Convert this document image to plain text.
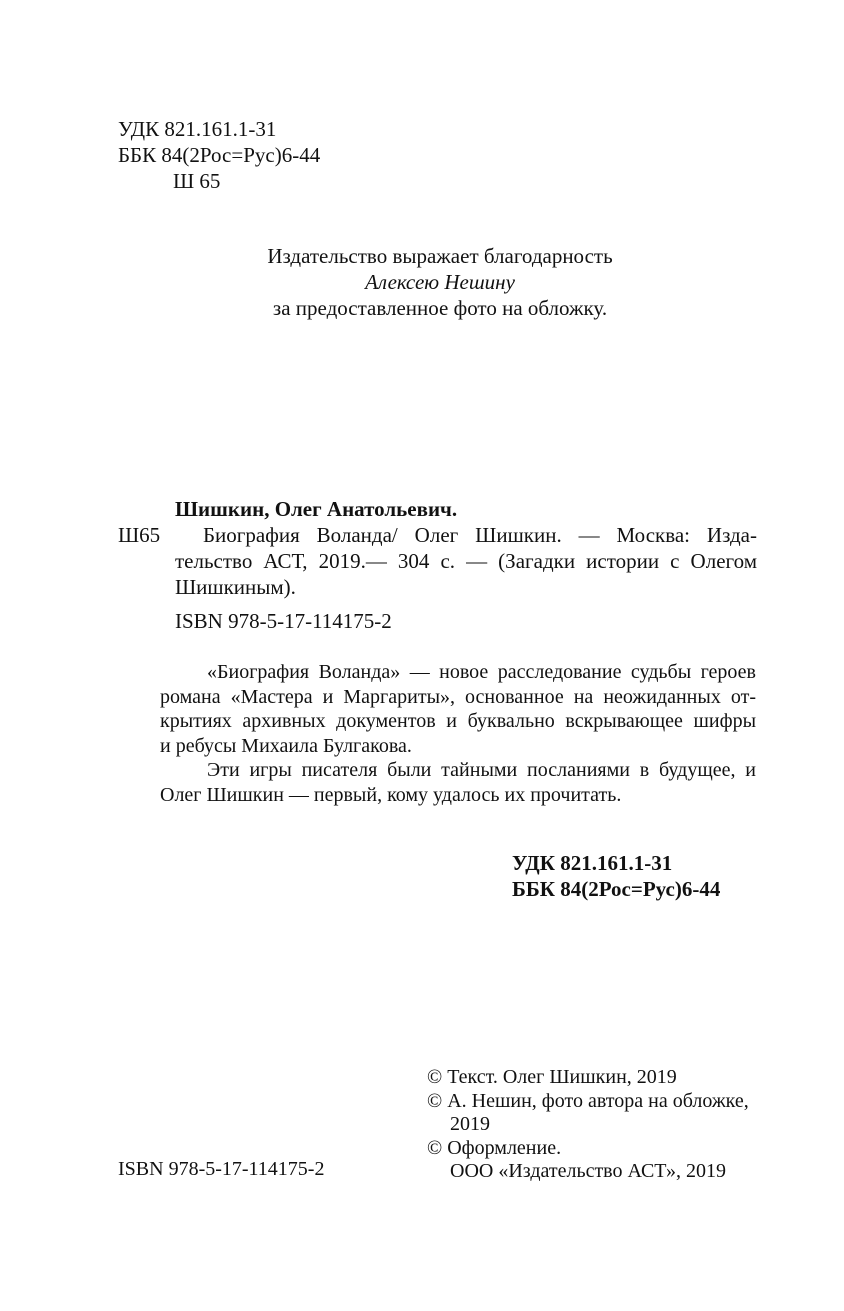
УДК 821.161.1-31
ББК 84(2Рос=Рус)6-44
Ш 65
Издательство выражает благодарность
Алексею Нешину
за предоставленное фото на обложку.
Шишкин, Олег Анатольевич.
Ш65	Биография Воланда/ Олег Шишкин. — Москва: Изда-
тельство АСТ, 2019.— 304 с. — (Загадки истории с Олегом
Шишкиным).
ISBN 978-5-17-114175-2
«Биография Воланда» — новое расследование судьбы героев
романа «Мастера и Маргариты», основанное на неожиданных от-
крытиях архивных документов и буквально вскрывающее шифры
и ребусы Михаила Булгакова.
Эти игры писателя были тайными посланиями в будущее, и
Олег Шишкин — первый, кому удалось их прочитать.
УДК 821.161.1-31
ББК 84(2Рос=Рус)6-44
ISBN 978-5-17-114175-2
© Текст. Олег Шишкин, 2019
© А. Нешин, фото автора на обложке,
2019
© Оформление.
ООО «Издательство АСТ», 2019
